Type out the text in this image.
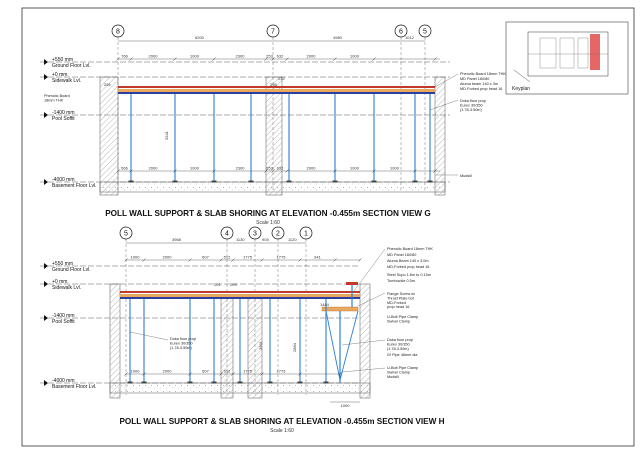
Keyplan
8	7	6	5
6200	4980	1012
766	2000	1000	2300	253 632	2000	1000
+550 mm
Ground Floor Lvl.
+0 mm
Sidewalk Lvl.
-1400 mm
Pool Soffit
-4000 mm
Basement Floor Lvl.
Phenolic Board 18mm THK
566	2000	1000	2300	253 632	2000	1000	1000
3341
256
232
298
Phenolic Board 18mm THK
MD Panel 160/80
Aluma beam 140 x 3m
MD-Forked prop head 16
Doka floor prop Eurex 30/350 (1.78-3.50m)
Mudsill
POLL WALL SUPPORT & SLAB SHORING AT ELEVATION -0.455m SECTION VIEW G
Scale 1:60
5	4	3	2	1
3968	1130	905	1120
1000	2000	607	512	1775	1775	941
+550 mm
Ground Floor Lvl.
+0 mm
Sidewalk Lvl.
-1400 mm
Pool Soffit
-4000 mm
Basement Floor Lvl.
1000	2000	607	512	1775	1775
3991	2884
1484
201 269
1000
Doka floor prop Eurex 30/350 (1.78-3.50m)
Phenolic Board 18mm THK
MD Panel 160/80
Aluma Beam 140 x 3.0m
MD-Forked prop head 16
Steel Supo 1.8m to 0.15m
Tumbuckle 0.5m
Flange Screw w/ Thrust Plate but MD-Forked prop head 16
U-Bolt Pipe Clamp Swivel Clamp
Doka floor prop Eurex 30/350 (1.78-3.50m)
GI Pipe 48mm dia
U-Bolt Pipe Clamp Swivel Clamp Mudsill
POLL WALL SUPPORT & SLAB SHORING AT ELEVATION -0.455m SECTION VIEW H
Scale 1:60
